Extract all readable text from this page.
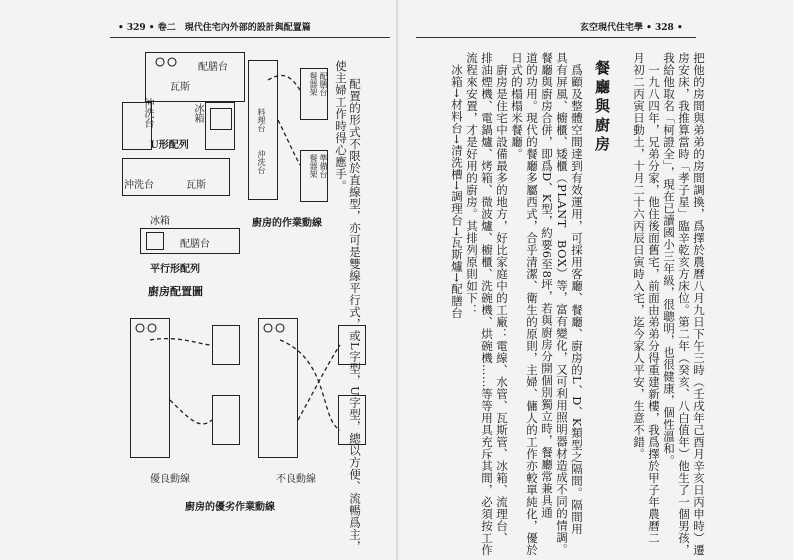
• 329 • 卷二　現代住宅內外部的設計與配置篇
配置的形式不限於直線型，亦可是雙線平行式，或L字型，U字型，總以方便、流暢爲主，
使主婦工作時得心應手。
配膳台
瓦斯
冰箱
沖洗台
U形配列
沖洗台	瓦斯
餐器架 配膳台
料理台
沖洗台	餐器架 準備台
廚房的作業動線
冰箱
配膳台
平行形配列
廚房配置圖
優良動線	不良動線
廚房的優劣作業動線
玄空現代住宅學 • 328 •
把他的房間與弟弟的房間調換，爲擇於農曆八月九日下午三時（壬戌年己酉月辛亥日丙申時）遷
房安床，我推算當時「孝子星」臨辛乾亥方床位。第二年（癸亥、八白值年）他生了一個男孩，
我給他取名「柯證全」，現在已讀國小三年級，很聰明，也很健康，個性溫和。
一九八四年，兄弟分家，他住後面舊宅，前面由弟弟分得重建新樓，我爲擇於甲子年農曆二
月初二丙寅日動土，十月二十六丙辰日寅時入宅，迄今家人平安，生意不錯。
餐廳與廚房
爲顧及整體空間達到有效運用，可採用客廳、餐廳、廚房的L、D、K類型之隔間。隔間用
具有屏風、櫥櫃、矮櫃（PLANT　BOX）等，富有變化，又可利用照明器材造成不同的情調。
餐廳與廚房合併，即爲D、K型，約要6至8坪，若與廚房分開個別獨立時，餐廳常兼具通
道的功用。現代的餐廳多屬西式，合乎清潔、衛生的原則，主婦、傭人的工作亦較單純化，優於
日式的榻榻米餐廳。
廚房是住宅中設備最多的地方，好比家庭中的工廠：電線、水管、瓦斯管、冰箱、流理台、
排油煙機、電鍋爐、烤箱、微波爐、櫥櫃、洗碗機、烘碗機……等等用具充斥其間，必須按工作
流程來安置，才是好用的廚房。其排列原則如下：
冰箱→材料台→清洗槽→調理台→瓦斯爐→配膳台
